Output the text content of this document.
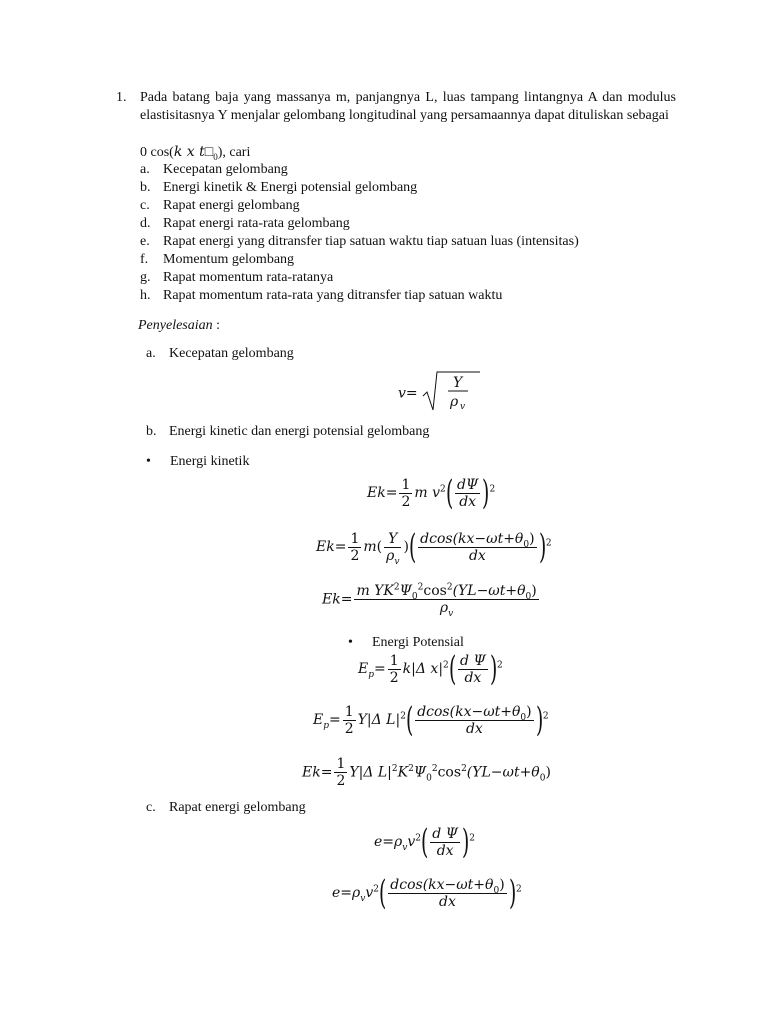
1. Pada batang baja yang massanya m, panjangnya L, luas tampang lintangnya A dan modulus elastisitasnya Y menjalar gelombang longitudinal yang persamaannya dapat dituliskan sebagai
0 cos(k x $t□_0$), cari
a. Kecepatan gelombang
b. Energi kinetik & Energi potensial gelombang
c. Rapat energi gelombang
d. Rapat energi rata-rata gelombang
e. Rapat energi yang ditransfer tiap satuan waktu tiap satuan luas (intensitas)
f. Momentum gelombang
g. Rapat momentum rata-ratanya
h. Rapat momentum rata-rata yang ditransfer tiap satuan waktu
Penyelesaian :
a. Kecepatan gelombang
v=
Y
ρ v
b. Energi kinetic dan energi potensial gelombang
• Energi kinetik
$Ek= \frac{1}{2}$ m $v^2( \frac{d\Psi}{dx} )^2$
$Ek= \frac{1}{2} m( \frac{Y}{\rho_v}$ )( $\frac{dcos(kx-\omega t+\theta_0)}{dx} )^2$
$Ek= \frac{m YK^2\Psi_0^2\cos^2(YL-\omega t+\theta_0)}{\rho_v}$
• Energi Potensial
$E_p= \frac{1}{2} k|\Delta$ $x|^2( \frac{\text{d Ψ}}{dx} )^2$
$E_p= \frac{1}{2} Y|\Delta$ $L|^2( \frac{dcos(kx-\omega t+\theta_0)}{dx} )^2$
$Ek= \frac{1}{2} Y|\Delta$ $L|^2K^2\Psi_0^2\cos^2(YL-\omega t+\theta_0)$
c. Rapat energi gelombang
$e=\rho_vv^2( \frac{\text{d Ψ}}{dx} )^2$
$e=\rho_vv^2( \frac{dcos(kx-\omega t+\theta_0)}{dx} )^2$
